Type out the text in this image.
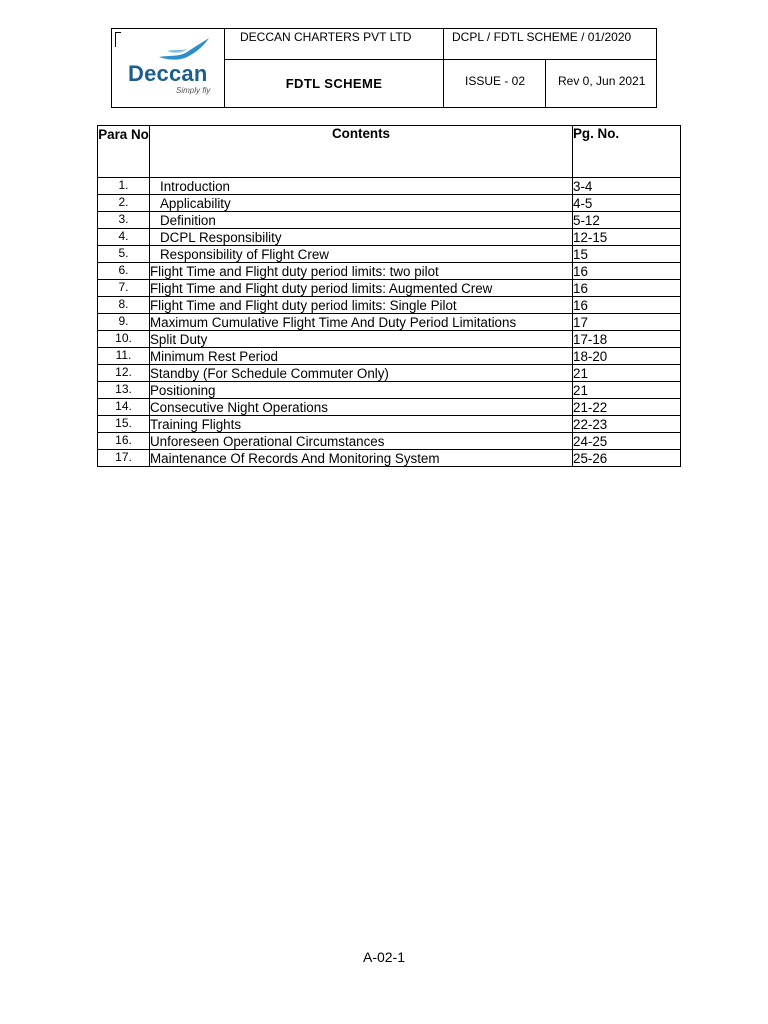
Deccan
Simply fly
DECCAN CHARTERS PVT LTD	DCPL / FDTL SCHEME / 01/2020
FDTL SCHEME	ISSUE - 02	Rev 0, Jun 2021
Para No	Contents	Pg. No.
1.	Introduction	3-4
2.	Applicability	4-5
3.	Definition	5-12
4.	DCPL Responsibility	12-15
5.	Responsibility of Flight Crew	15
6.	Flight Time and Flight duty period limits: two pilot	16
7.	Flight Time and Flight duty period limits: Augmented Crew	16
8.	Flight Time and Flight duty period limits: Single Pilot	16
9.	Maximum Cumulative Flight Time And Duty Period Limitations	17
10.	Split Duty	17-18
11.	Minimum Rest Period	18-20
12.	Standby (For Schedule Commuter Only)	21
13.	Positioning	21
14.	Consecutive Night Operations	21-22
15.	Training Flights	22-23
16.	Unforeseen Operational Circumstances	24-25
17.	Maintenance Of Records And Monitoring System	25-26
A-02-1
